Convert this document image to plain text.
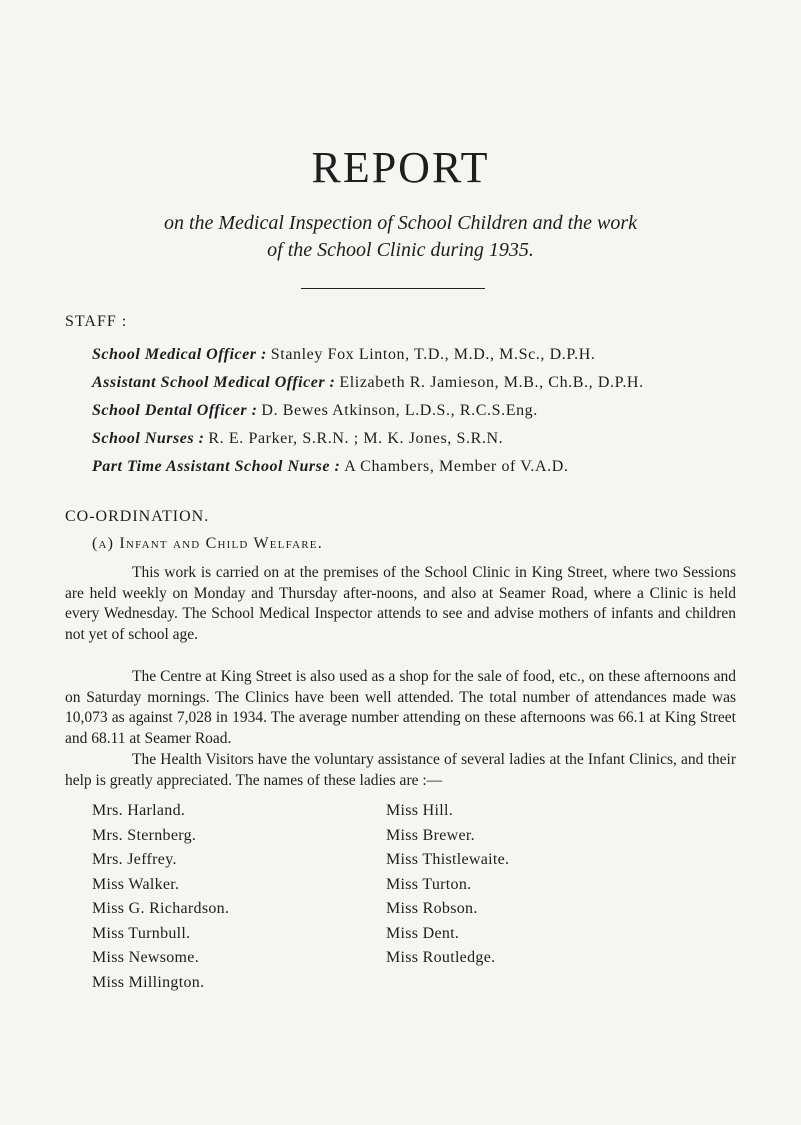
REPORT
on the Medical Inspection of School Children and the work
of the School Clinic during 1935.
STAFF :
School Medical Officer : Stanley Fox Linton, T.D., M.D., M.Sc., D.P.H.
Assistant School Medical Officer : Elizabeth R. Jamieson, M.B., Ch.B., D.P.H.
School Dental Officer : D. Bewes Atkinson, L.D.S., R.C.S.Eng.
School Nurses : R. E. Parker, S.R.N. ; M. K. Jones, S.R.N.
Part Time Assistant School Nurse : A Chambers, Member of V.A.D.
CO-ORDINATION.
(a) Infant and Child Welfare.

This work is carried on at the premises of the School Clinic in King Street, where two Sessions are held weekly on Monday and Thursday after-noons, and also at Seamer Road, where a Clinic is held every Wednesday. The School Medical Inspector attends to see and advise mothers of infants and children not yet of school age.

The Centre at King Street is also used as a shop for the sale of food, etc., on these afternoons and on Saturday mornings. The Clinics have been well attended. The total number of attendances made was 10,073 as against 7,028 in 1934. The average number attending on these afternoons was 66.1 at King Street and 68.11 at Seamer Road.

The Health Visitors have the voluntary assistance of several ladies at the Infant Clinics, and their help is greatly appreciated. The names of these ladies are :—

Mrs. Harland.
Mrs. Sternberg.
Mrs. Jeffrey.
Miss Walker.
Miss G. Richardson.
Miss Turnbull.
Miss Newsome.
Miss Millington.
Miss Hill.
Miss Brewer.
Miss Thistlewaite.
Miss Turton.
Miss Robson.
Miss Dent.
Miss Routledge.
